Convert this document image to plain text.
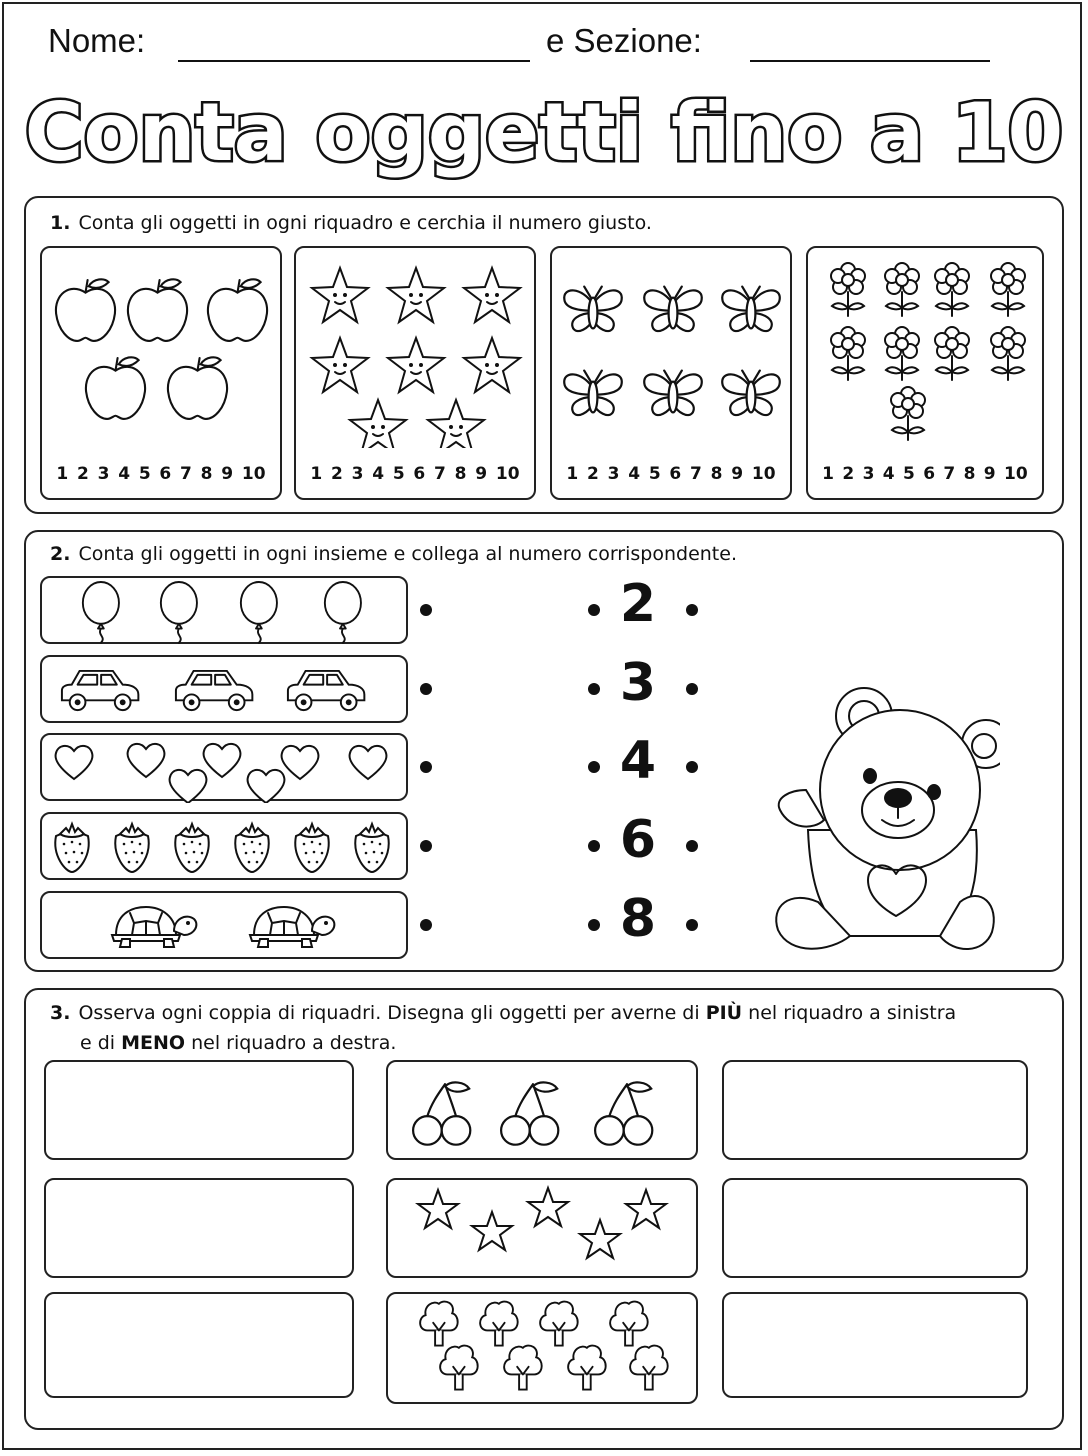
Nome:	e Sezione:
Conta oggetti fino a 10
1. Conta gli oggetti in ogni riquadro e cerchia il numero giusto.
1 2 3 4 5 6 7 8 9 10	1 2 3 4 5 6 7 8 9 10	1 2 3 4 5 6 7 8 9 10	1 2 3 4 5 6 7 8 9 10
2. Conta gli oggetti in ogni insieme e collega al numero corrispondente.
2
3
4
6
8
3. Osserva ogni coppia di riquadri. Disegna gli oggetti per averne di PIÙ nel riquadro a sinistra
e di MENO nel riquadro a destra.
